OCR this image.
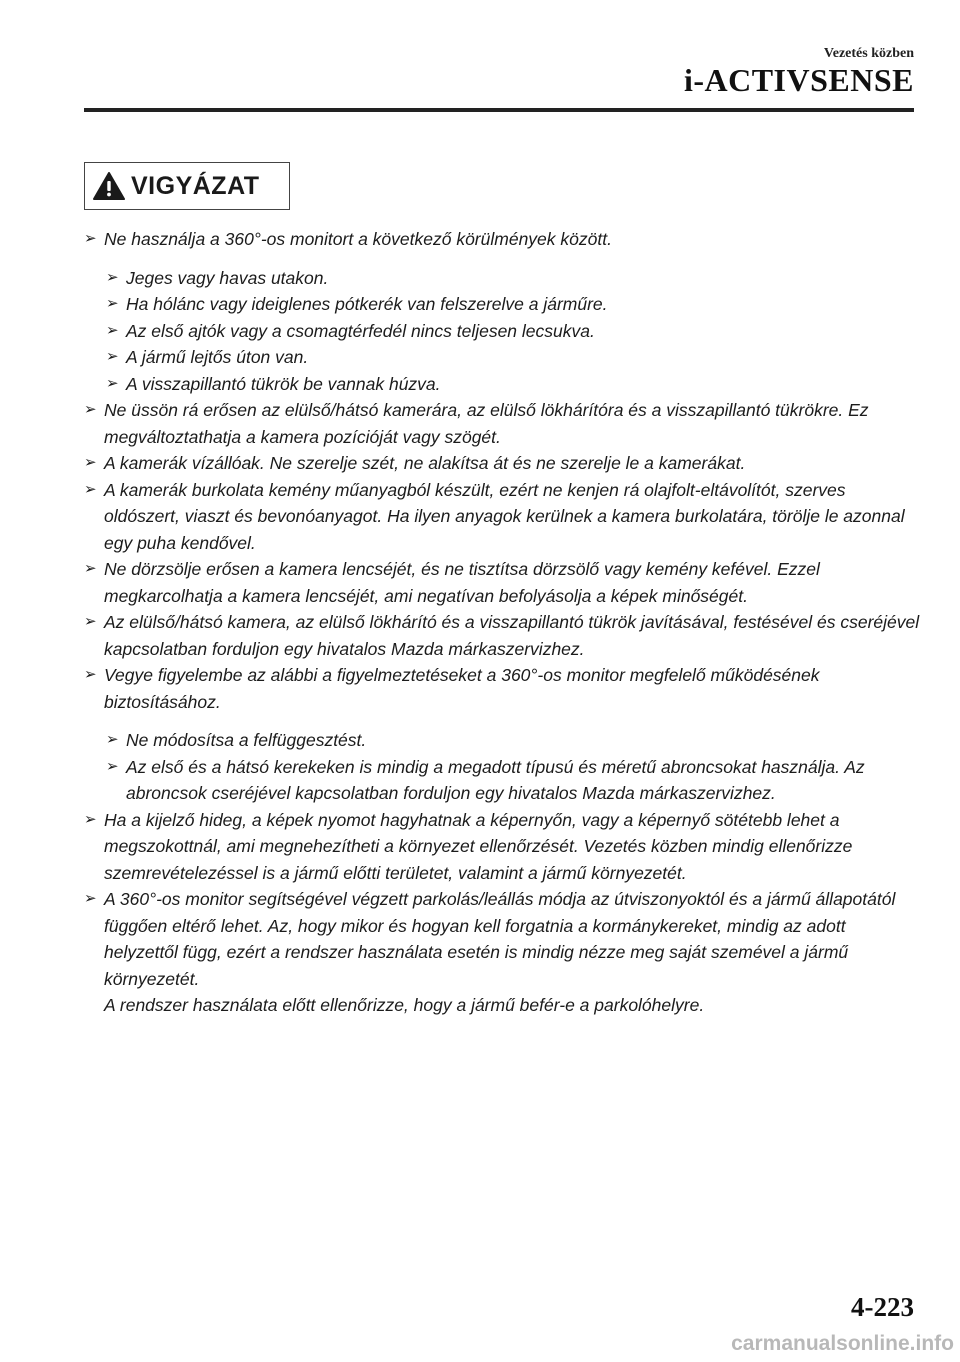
Vezetés közben
i-ACTIVSENSE
VIGYÁZAT
➢ Ne használja a 360°-os monitort a következő körülmények között.
➢ Jeges vagy havas utakon.
➢ Ha hólánc vagy ideiglenes pótkerék van felszerelve a járműre.
➢ Az első ajtók vagy a csomagtérfedél nincs teljesen lecsukva.
➢ A jármű lejtős úton van.
➢ A visszapillantó tükrök be vannak húzva.
➢ Ne üssön rá erősen az elülső/hátsó kamerára, az elülső lökhárítóra és a visszapillantó tükrökre. Ez megváltoztathatja a kamera pozícióját vagy szögét.
➢ A kamerák vízállóak. Ne szerelje szét, ne alakítsa át és ne szerelje le a kamerákat.
➢ A kamerák burkolata kemény műanyagból készült, ezért ne kenjen rá olajfolt-eltávolítót, szerves oldószert, viaszt és bevonóanyagot. Ha ilyen anyagok kerülnek a kamera burkolatára, törölje le azonnal egy puha kendővel.
➢ Ne dörzsölje erősen a kamera lencséjét, és ne tisztítsa dörzsölő vagy kemény kefével. Ezzel megkarcolhatja a kamera lencséjét, ami negatívan befolyásolja a képek minőségét.
➢ Az elülső/hátsó kamera, az elülső lökhárító és a visszapillantó tükrök javításával, festésével és cseréjével kapcsolatban forduljon egy hivatalos Mazda márkaszervizhez.
➢ Vegye figyelembe az alábbi a figyelmeztetéseket a 360°-os monitor megfelelő működésének biztosításához.
➢ Ne módosítsa a felfüggesztést.
➢ Az első és a hátsó kerekeken is mindig a megadott típusú és méretű abroncsokat használja. Az abroncsok cseréjével kapcsolatban forduljon egy hivatalos Mazda márkaszervizhez.
➢ Ha a kijelző hideg, a képek nyomot hagyhatnak a képernyőn, vagy a képernyő sötétebb lehet a megszokottnál, ami megnehezítheti a környezet ellenőrzését. Vezetés közben mindig ellenőrizze szemrevételezéssel is a jármű előtti területet, valamint a jármű környezetét.
➢ A 360°-os monitor segítségével végzett parkolás/leállás módja az útviszonyoktól és a jármű állapotától függően eltérő lehet. Az, hogy mikor és hogyan kell forgatnia a kormánykereket, mindig az adott helyzettől függ, ezért a rendszer használata esetén is mindig nézze meg saját szemével a jármű környezetét.
A rendszer használata előtt ellenőrizze, hogy a jármű befér-e a parkolóhelyre.
4-223
carmanualsonline.info
